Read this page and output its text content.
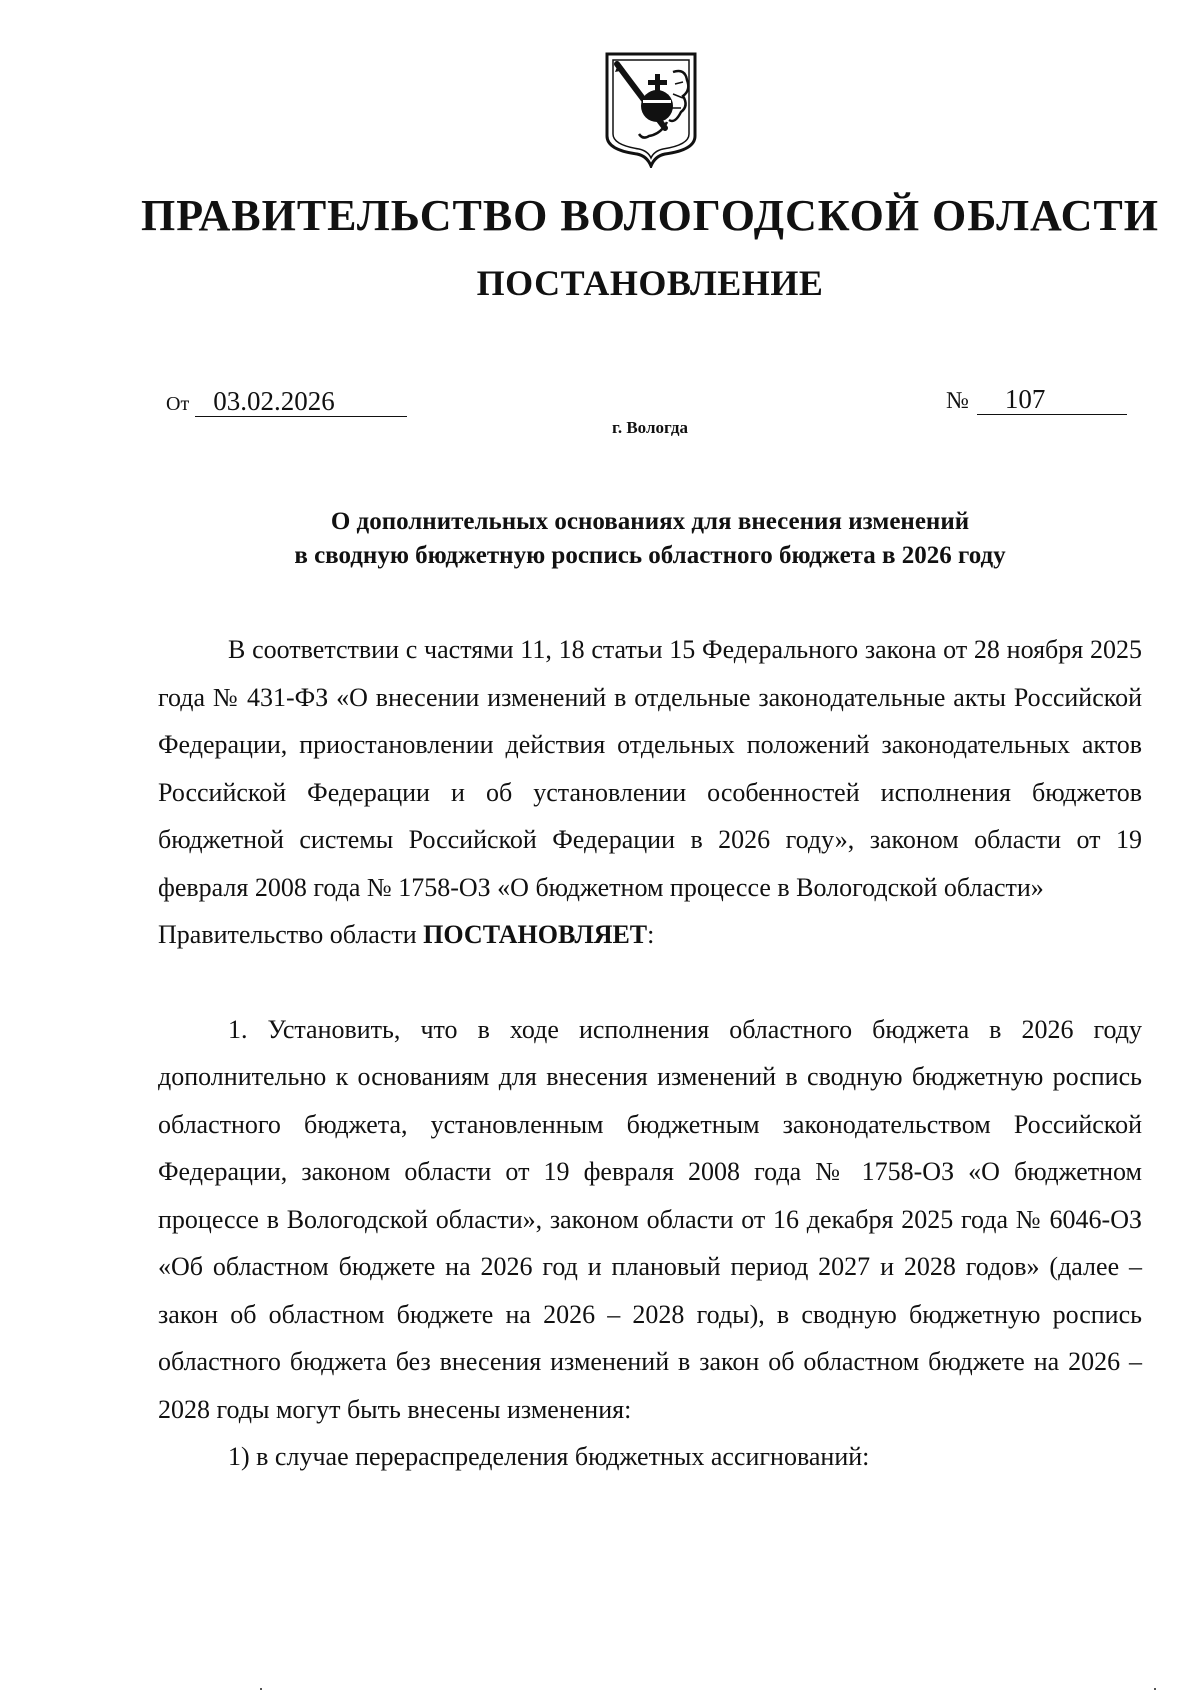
ПРАВИТЕЛЬСТВО ВОЛОГОДСКОЙ ОБЛАСТИ
ПОСТАНОВЛЕНИЕ
От 03.02.2026	№ 107
г. Вологда
О дополнительных основаниях для внесения изменений
в сводную бюджетную роспись областного бюджета в 2026 году

В соответствии с частями 11, 18 статьи 15 Федерального закона от 28 ноября 2025 года № 431-ФЗ «О внесении изменений в отдельные законодательные акты Российской Федерации, приостановлении действия отдельных положений законодательных актов Российской Федерации и об установлении особенностей исполнения бюджетов бюджетной системы Российской Федерации в 2026 году», законом области от 19 февраля 2008 года № 1758-ОЗ «О бюджетном процессе в Вологодской области»

Правительство области ПОСТАНОВЛЯЕТ:

1. Установить, что в ходе исполнения областного бюджета в 2026 году дополнительно к основаниям для внесения изменений в сводную бюджетную роспись областного бюджета, установленным бюджетным законодательством Российской Федерации, законом области от 19 февраля 2008 года № 1758-ОЗ «О бюджетном процессе в Вологодской области», законом области от 16 декабря 2025 года № 6046-ОЗ «Об областном бюджете на 2026 год и плановый период 2027 и 2028 годов» (далее – закон об областном бюджете на 2026 – 2028 годы), в сводную бюджетную роспись областного бюджета без внесения изменений в закон об областном бюджете на 2026 – 2028 годы могут быть внесены изменения:

1) в случае перераспределения бюджетных ассигнований:
